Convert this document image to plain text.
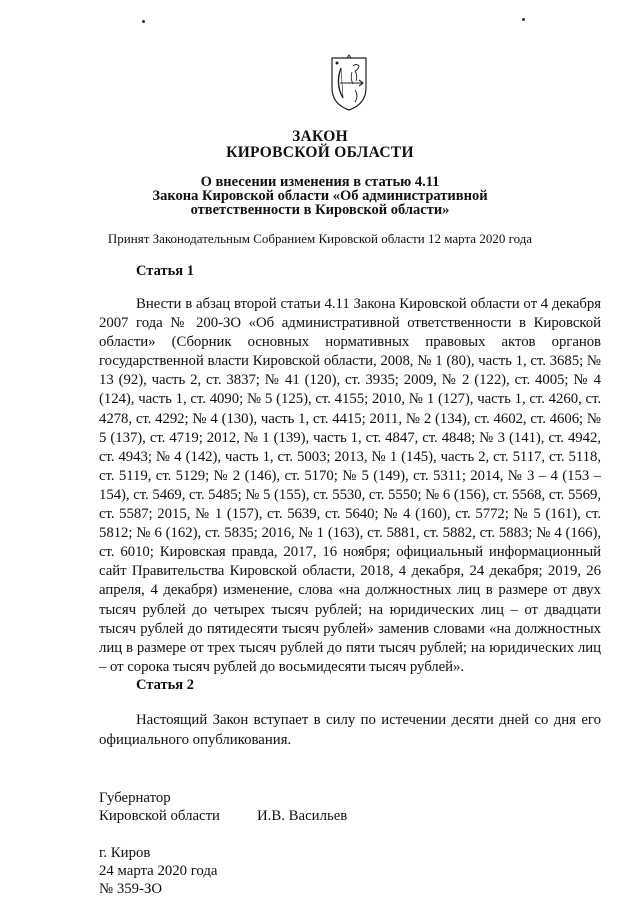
ЗАКОН
КИРОВСКОЙ ОБЛАСТИ
О внесении изменения в статью 4.11
Закона Кировской области «Об административной
ответственности в Кировской области»
Принят Законодательным Собранием Кировской области 12 марта 2020 года
Статья 1
Внести в абзац второй статьи 4.11 Закона Кировской области от 4 декабря 2007 года № 200-ЗО «Об административной ответственности в Кировской области» (Сборник основных нормативных правовых актов органов государственной власти Кировской области, 2008, № 1 (80), часть 1, ст. 3685; № 13 (92), часть 2, ст. 3837; № 41 (120), ст. 3935; 2009, № 2 (122), ст. 4005; № 4 (124), часть 1, ст. 4090; № 5 (125), ст. 4155; 2010, № 1 (127), часть 1, ст. 4260, ст. 4278, ст. 4292; № 4 (130), часть 1, ст. 4415; 2011, № 2 (134), ст. 4602, ст. 4606; № 5 (137), ст. 4719; 2012, № 1 (139), часть 1, ст. 4847, ст. 4848; № 3 (141), ст. 4942, ст. 4943; № 4 (142), часть 1, ст. 5003; 2013, № 1 (145), часть 2, ст. 5117, ст. 5118, ст. 5119, ст. 5129; № 2 (146), ст. 5170; № 5 (149), ст. 5311; 2014, № 3 – 4 (153 – 154), ст. 5469, ст. 5485; № 5 (155), ст. 5530, ст. 5550; № 6 (156), ст. 5568, ст. 5569, ст. 5587; 2015, № 1 (157), ст. 5639, ст. 5640; № 4 (160), ст. 5772; № 5 (161), ст. 5812; № 6 (162), ст. 5835; 2016, № 1 (163), ст. 5881, ст. 5882, ст. 5883; № 4 (166), ст. 6010; Кировская правда, 2017, 16 ноября; официальный информационный сайт Правительства Кировской области, 2018, 4 декабря, 24 декабря; 2019, 26 апреля, 4 декабря) изменение, слова «на должностных лиц в размере от двух тысяч рублей до четырех тысяч рублей; на юридических лиц – от двадцати тысяч рублей до пятидесяти тысяч рублей» заменив словами «на должностных лиц в размере от трех тысяч рублей до пяти тысяч рублей; на юридических лиц – от сорока тысяч рублей до восьмидесяти тысяч рублей».
Статья 2
Настоящий Закон вступает в силу по истечении десяти дней со дня его официального опубликования.
Губернатор
Кировской области	И.В. Васильев
г. Киров
24 марта 2020 года
№ 359-ЗО
